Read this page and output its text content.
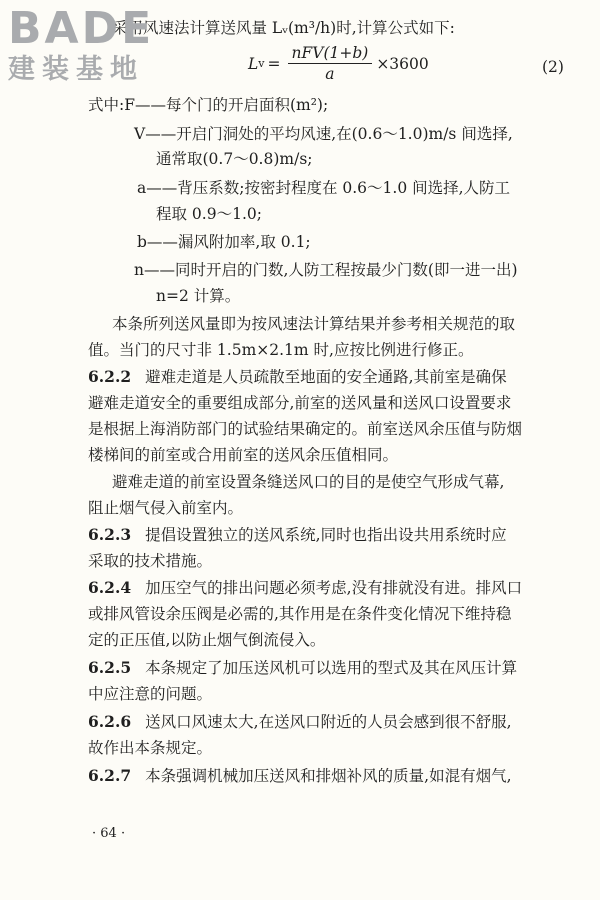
BADE
建装基地
采用风速法计算送风量 Lᵥ(m³/h)时,计算公式如下:
L $v = \frac{\text{nFV(1+b)}}{a} \times 3600$	(2)
式中:F——每个门的开启面积(m²);
V——开启门洞处的平均风速,在(0.6～1.0)m/s 间选择,
通常取(0.7～0.8)m/s;
a——背压系数;按密封程度在 0.6～1.0 间选择,人防工
程取 0.9～1.0;
b——漏风附加率,取 0.1;
n——同时开启的门数,人防工程按最少门数(即一进一出)
n=2 计算。
本条所列送风量即为按风速法计算结果并参考相关规范的取
值。当门的尺寸非 1.5m×2.1m 时,应按比例进行修正。
6.2.2 避难走道是人员疏散至地面的安全通路,其前室是确保
避难走道安全的重要组成部分,前室的送风量和送风口设置要求
是根据上海消防部门的试验结果确定的。前室送风余压值与防烟
楼梯间的前室或合用前室的送风余压值相同。
避难走道的前室设置条缝送风口的目的是使空气形成气幕,
阻止烟气侵入前室内。
6.2.3 提倡设置独立的送风系统,同时也指出设共用系统时应
采取的技术措施。
6.2.4 加压空气的排出问题必须考虑,没有排就没有进。排风口
或排风管设余压阀是必需的,其作用是在条件变化情况下维持稳
定的正压值,以防止烟气倒流侵入。
6.2.5 本条规定了加压送风机可以选用的型式及其在风压计算
中应注意的问题。
6.2.6 送风口风速太大,在送风口附近的人员会感到很不舒服,
故作出本条规定。
6.2.7 本条强调机械加压送风和排烟补风的质量,如混有烟气,
· 64 ·
